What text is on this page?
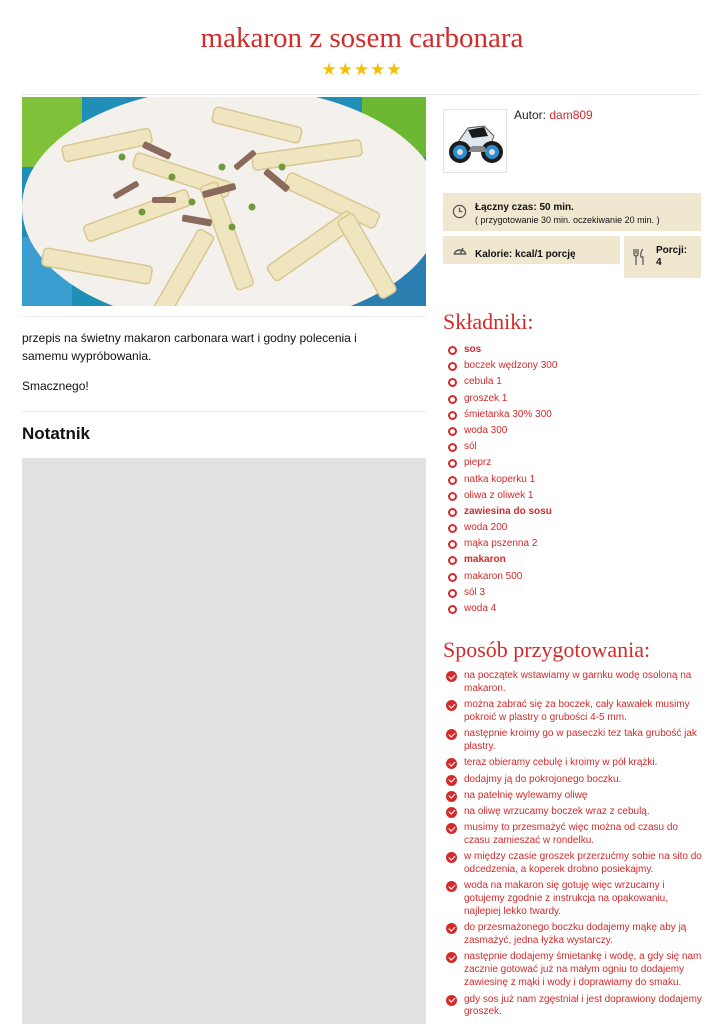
makaron z sosem carbonara
★★★★★

przepis na świetny makaron carbonara wart i godny polecenia i samemu wypróbowania.

Smacznego!

Notatnik
Autor: dam809
Łączny czas: 50 min.
( przygotowanie 30 min. oczekiwanie 20 min. )
Kalorie: kcal/1 porcję	Porcji:
4
Składniki:
sos
boczek wędzony 300
cebula 1
groszek 1
śmietanka 30% 300
woda 300
sól
pieprz
natka koperku 1
oliwa z oliwek 1
zawiesina do sosu
woda 200
mąka pszenna 2
makaron
makaron 500
sól 3
woda 4
Sposób przygotowania:
na początek wstawiamy w garnku wodę osoloną na makaron.
można zabrać się za boczek, cały kawałek musimy pokroić w plastry o grubości 4-5 mm.
następnie kroimy go w paseczki tez taka grubość jak plastry.
teraz obieramy cebulę i kroimy w pół krążki.
dodajmy ją do pokrojonego boczku.
na patelnię wylewamy oliwę
na oliwę wrzucamy boczek wraz z cebulą.
musimy to przesmażyć więc można od czasu do czasu zamieszać w rondelku.
w między czasie groszek przerzućmy sobie na sito do odcedzenia, a koperek drobno posiekajmy.
woda na makaron się gotuję więc wrzucamy i gotujemy zgodnie z instrukcja na opakowaniu, najlepiej lekko twardy.
do przesmażonego boczku dodajemy mąkę aby ją zasmażyć, jedna łyżka wystarczy.
następnie dodajemy śmietankę i wodę, a gdy się nam zacznie gotować już na małym ogniu to dodajemy zawiesinę z mąki i wody i doprawiamy do smaku.
gdy sos już nam zgęstniał i jest doprawiony dodajemy groszek.
